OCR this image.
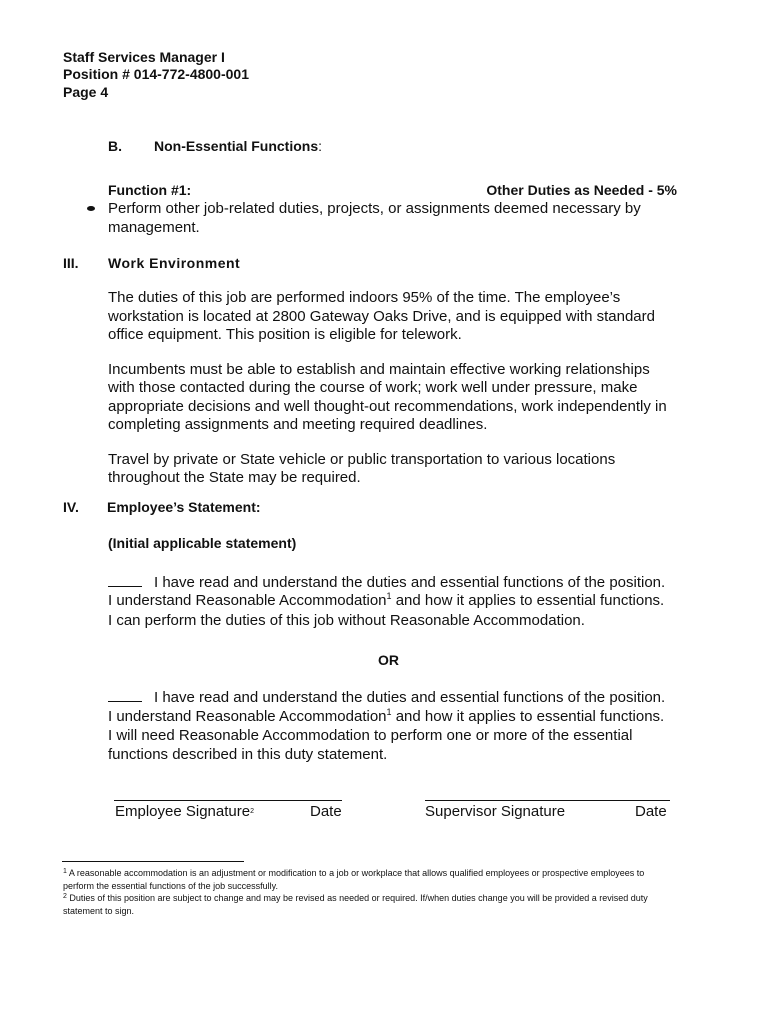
Staff Services Manager I
Position # 014-772-4800-001
Page 4
B. Non-Essential Functions:
Function #1:	Other Duties as Needed - 5%
Perform other job-related duties, projects, or assignments deemed necessary by
management.
III. Work Environment
The duties of this job are performed indoors 95% of the time. The employee’s
workstation is located at 2800 Gateway Oaks Drive, and is equipped with standard
office equipment. This position is eligible for telework.
Incumbents must be able to establish and maintain effective working relationships
with those contacted during the course of work; work well under pressure, make
appropriate decisions and well thought-out recommendations, work independently in
completing assignments and meeting required deadlines.
Travel by private or State vehicle or public transportation to various locations
throughout the State may be required.
IV. Employee’s Statement:
(Initial applicable statement)
I have read and understand the duties and essential functions of the position.
I understand Reasonable Accommodation$^1$ and how it applies to essential functions.
I can perform the duties of this job without Reasonable Accommodation.
OR
I have read and understand the duties and essential functions of the position.
I understand Reasonable Accommodation$^1$ and how it applies to essential functions.
I will need Reasonable Accommodation to perform one or more of the essential
functions described in this duty statement.
Employee Signature$^2$	Date	Supervisor Signature	Date
$^1$ A reasonable accommodation is an adjustment or modification to a job or workplace that allows qualified employees or prospective employees to perform the essential functions of the job successfully.
$^2$ Duties of this position are subject to change and may be revised as needed or required. If/when duties change you will be provided a revised duty statement to sign.
